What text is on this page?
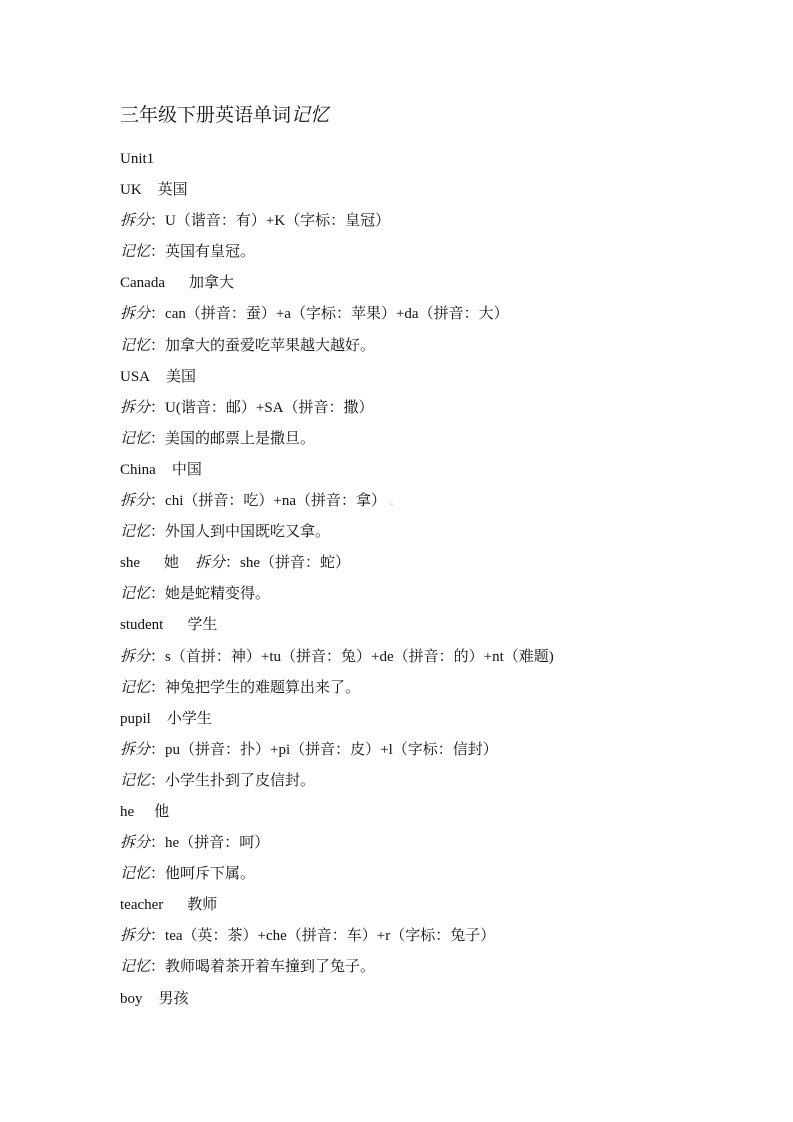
三年级下册英语单词记忆
Unit1
UK 英国
拆分：U（谐音：有）+K（字标：皇冠）
记忆：英国有皇冠。
Canada 加拿大
拆分：can（拼音：蚕）+a（字标：苹果）+da（拼音：大）
记忆：加拿大的蚕爱吃苹果越大越好。
USA 美国
拆分：U(谐音：邮）+SA（拼音：撒）
记忆：美国的邮票上是撒旦。
China 中国
拆分：chi（拼音：吃）+na（拼音：拿） .
记忆：外国人到中国既吃又拿。
she 她 拆分：she（拼音：蛇）
记忆：她是蛇精变得。
student 学生
拆分：s（首拼：神）+tu（拼音：兔）+de（拼音：的）+nt（难题)
记忆：神兔把学生的难题算出来了。
pupil 小学生
拆分：pu（拼音：扑）+pi（拼音：皮）+l（字标：信封）
记忆：小学生扑到了皮信封。
he 他
拆分：he（拼音：呵）
记忆：他呵斥下属。
teacher 教师
拆分：tea（英：茶）+che（拼音：车）+r（字标：兔子）
记忆：教师喝着茶开着车撞到了兔子。
boy 男孩
